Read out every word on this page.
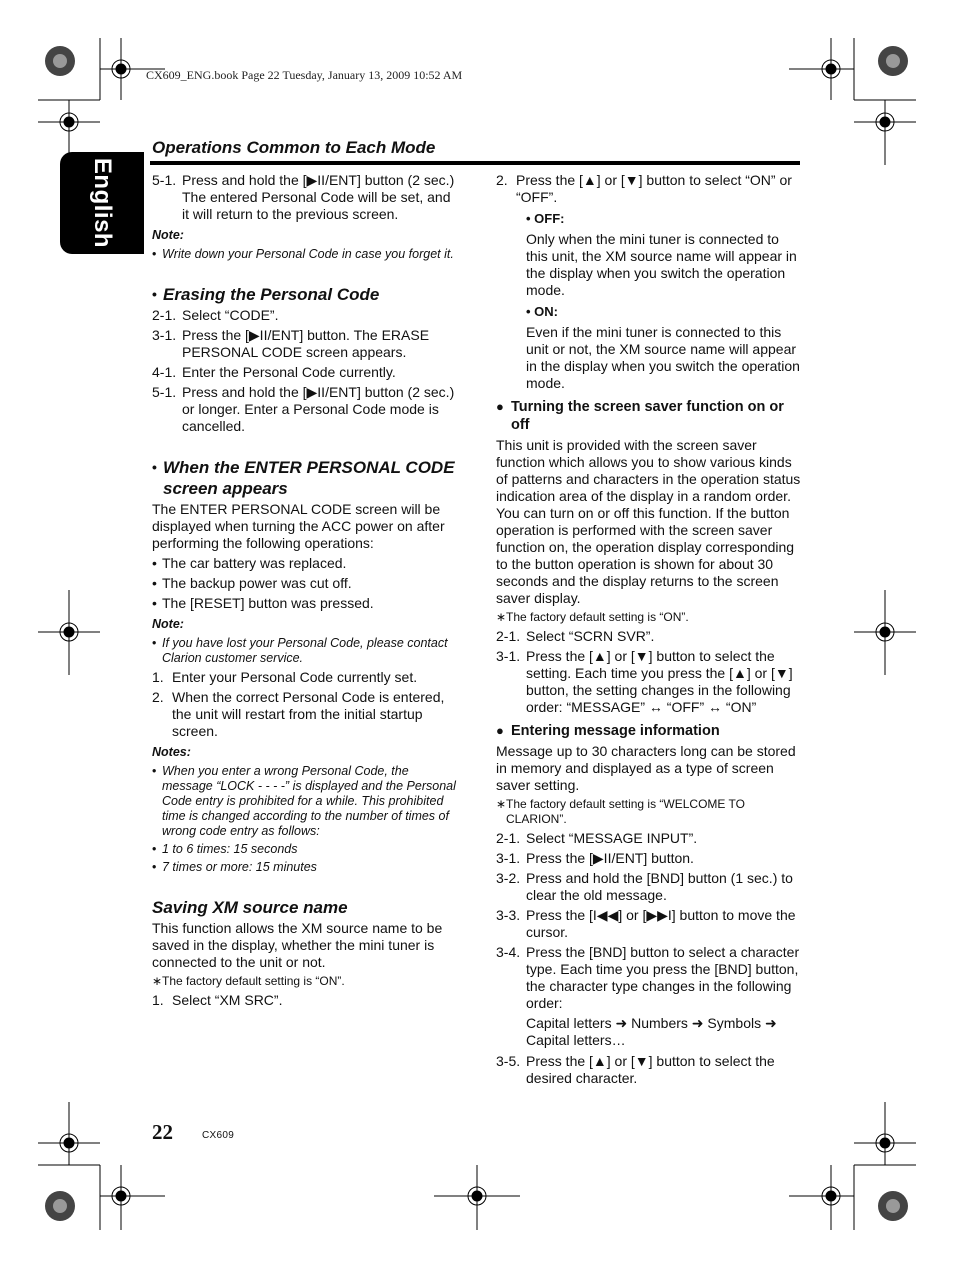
CX609_ENG.book Page 22 Tuesday, January 13, 2009 10:52 AM
English
Operations Common to Each Mode
5-1. Press and hold the [▶II/ENT] button (2 sec.) The entered Personal Code will be set, and it will return to the previous screen.
Note:
• Write down your Personal Code in case you forget it.
• Erasing the Personal Code
2-1. Select “CODE”.
3-1. Press the [▶II/ENT] button. The ERASE PERSONAL CODE screen appears.
4-1. Enter the Personal Code currently.
5-1. Press and hold the [▶II/ENT] button (2 sec.) or longer. Enter a Personal Code mode is cancelled.
• When the ENTER PERSONAL CODE screen appears
The ENTER PERSONAL CODE screen will be displayed when turning the ACC power on after performing the following operations:
• The car battery was replaced.
• The backup power was cut off.
• The [RESET] button was pressed.
Note:
• If you have lost your Personal Code, please contact Clarion customer service.
1. Enter your Personal Code currently set.
2. When the correct Personal Code is entered, the unit will restart from the initial startup screen.
Notes:
• When you enter a wrong Personal Code, the message “LOCK - - - -” is displayed and the Personal Code entry is prohibited for a while. This prohibited time is changed according to the number of times of wrong code entry as follows:
• 1 to 6 times: 15 seconds
• 7 times or more: 15 minutes
Saving XM source name
This function allows the XM source name to be saved in the display, whether the mini tuner is connected to the unit or not.
∗ The factory default setting is “ON”.
1. Select “XM SRC”.
2. Press the [▲] or [▼] button to select “ON” or “OFF”.
• OFF:
Only when the mini tuner is connected to this unit, the XM source name will appear in the display when you switch the operation mode.
• ON:
Even if the mini tuner is connected to this unit or not, the XM source name will appear in the display when you switch the operation mode.
● Turning the screen saver function on or off
This unit is provided with the screen saver function which allows you to show various kinds of patterns and characters in the operation status indication area of the display in a random order. You can turn on or off this function. If the button operation is performed with the screen saver function on, the operation display corresponding to the button operation is shown for about 30 seconds and the display returns to the screen saver display.
∗ The factory default setting is “ON”.
2-1. Select “SCRN SVR”.
3-1. Press the [▲] or [▼] button to select the setting. Each time you press the [▲] or [▼] button, the setting changes in the following order: “MESSAGE” ↔ “OFF” ↔ “ON”
● Entering message information
Message up to 30 characters long can be stored in memory and displayed as a type of screen saver setting.
∗ The factory default setting is “WELCOME TO CLARION”.
2-1. Select “MESSAGE INPUT”.
3-1. Press the [▶II/ENT] button.
3-2. Press and hold the [BND] button (1 sec.) to clear the old message.
3-3. Press the [I◀◀] or [▶▶I] button to move the cursor.
3-4. Press the [BND] button to select a character type. Each time you press the [BND] button, the character type changes in the following order:
Capital letters ➜ Numbers ➜ Symbols ➜ Capital letters…
3-5. Press the [▲] or [▼] button to select the desired character.
22	CX609
